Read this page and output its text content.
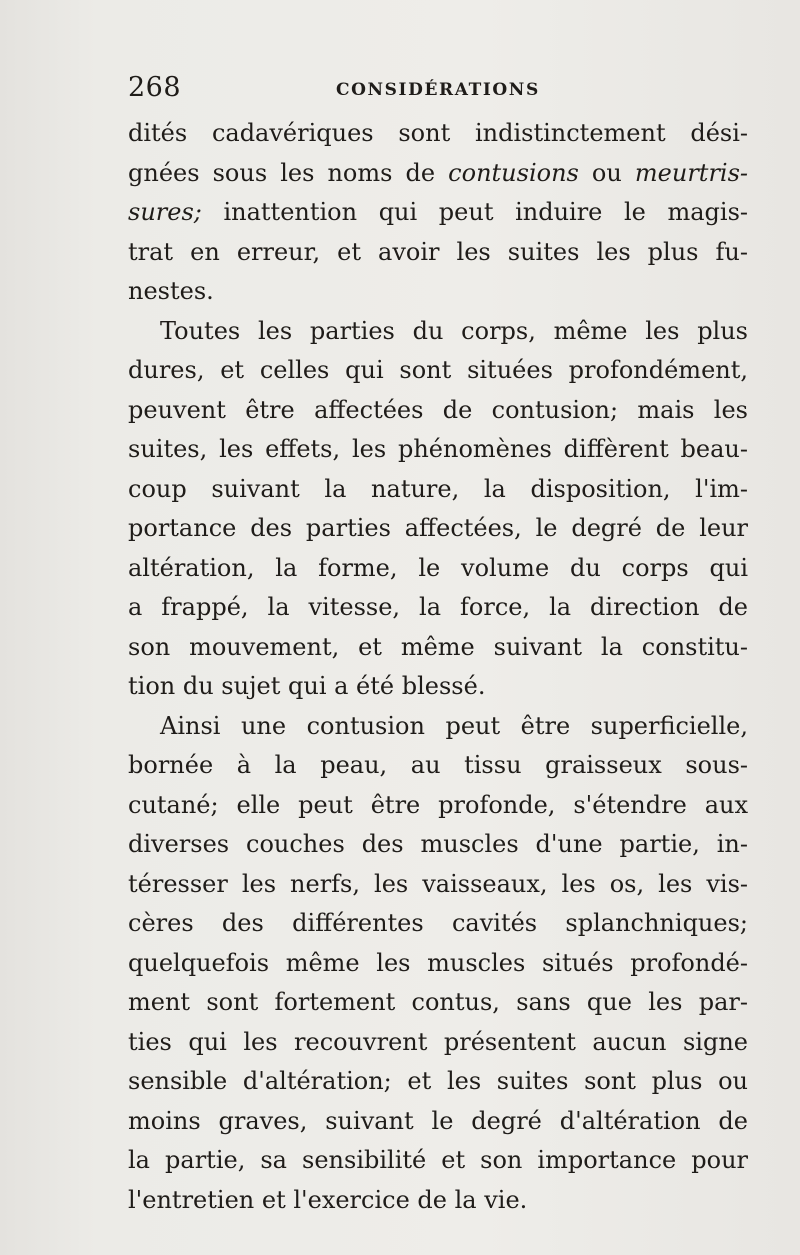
268	CONSIDÉRATIONS

dités cadavériques sont indistinctement dési-
gnées sous les noms de contusions ou meurtris-
sures; inattention qui peut induire le magis-
trat en erreur, et avoir les suites les plus fu-
nestes.

Toutes les parties du corps, même les plus
dures, et celles qui sont situées profondément,
peuvent être affectées de contusion; mais les
suites, les effets, les phénomènes diffèrent beau-
coup suivant la nature, la disposition, l'im-
portance des parties affectées, le degré de leur
altération, la forme, le volume du corps qui
a frappé, la vitesse, la force, la direction de
son mouvement, et même suivant la constitu-
tion du sujet qui a été blessé.

Ainsi une contusion peut être superficielle,
bornée à la peau, au tissu graisseux sous-
cutané; elle peut être profonde, s'étendre aux
diverses couches des muscles d'une partie, in-
téresser les nerfs, les vaisseaux, les os, les vis-
cères des différentes cavités splanchniques;
quelquefois même les muscles situés profondé-
ment sont fortement contus, sans que les par-
ties qui les recouvrent présentent aucun signe
sensible d'altération; et les suites sont plus ou
moins graves, suivant le degré d'altération de
la partie, sa sensibilité et son importance pour
l'entretien et l'exercice de la vie.
